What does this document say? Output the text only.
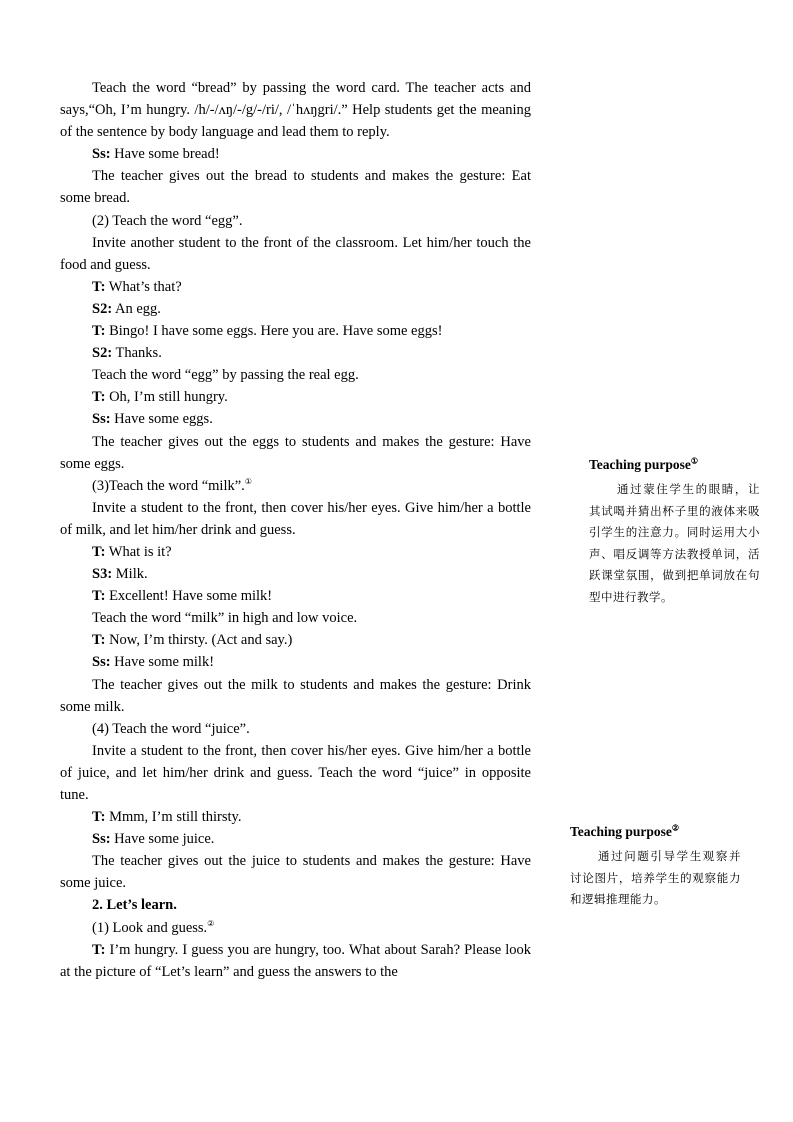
Teach the word “bread” by passing the word card. The teacher acts and says,“Oh, I’m hungry. /h/-/ʌŋ/-/g/-/ri/, /ˈhʌŋgri/.” Help students get the meaning of the sentence by body language and lead them to reply.

Ss: Have some bread!

The teacher gives out the bread to students and makes the gesture: Eat some bread.

(2) Teach the word “egg”.

Invite another student to the front of the classroom. Let him/her touch the food and guess.

T: What’s that?

S2: An egg.

T: Bingo! I have some eggs. Here you are. Have some eggs!

S2: Thanks.

Teach the word “egg” by passing the real egg.

T: Oh, I’m still hungry.

Ss: Have some eggs.

The teacher gives out the eggs to students and makes the gesture: Have some eggs.

(3)Teach the word “milk”.①

Invite a student to the front, then cover his/her eyes. Give him/her a bottle of milk, and let him/her drink and guess.

T: What is it?

S3: Milk.

T: Excellent! Have some milk!

Teach the word “milk” in high and low voice.

T: Now, I’m thirsty. (Act and say.)

Ss: Have some milk!

The teacher gives out the milk to students and makes the gesture: Drink some milk.

(4) Teach the word “juice”.

Invite a student to the front, then cover his/her eyes. Give him/her a bottle of juice, and let him/her drink and guess. Teach the word “juice” in opposite tune.

T: Mmm, I’m still thirsty.

Ss: Have some juice.

The teacher gives out the juice to students and makes the gesture: Have some juice.

2. Let’s learn.

(1) Look and guess.②

T: I’m hungry. I guess you are hungry, too. What about Sarah? Please look at the picture of “Let’s learn” and guess the answers to the

Teaching purpose①

通过蒙住学生的眼睛，让其试喝并猜出杯子里的液体来吸引学生的注意力。同时运用大小声、唱反调等方法教授单词，活跃课堂氛围，做到把单词放在句型中进行教学。

Teaching purpose②

通过问题引导学生观察并讨论图片，培养学生的观察能力和逻辑推理能力。
